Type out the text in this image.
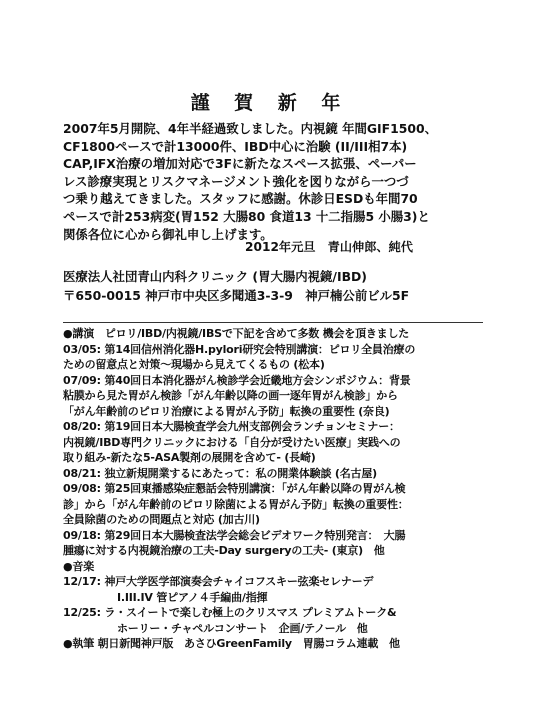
謹 賀 新 年

2007年5月開院、4年半経過致しました。内視鏡 年間GIF1500、

CF1800ペースで計13000件、IBD中心に治験 (II/III相7本)

CAP,IFX治療の増加対応で3Fに新たなスペース拡張、ペーパー

レス診療実現とリスクマネージメント強化を図りながら一つづ

つ乗り越えてきました。スタッフに感謝。休診日ESDも年間70

ペースで計253病変(胃152 大腸80 食道13 十二指腸5 小腸3)と

関係各位に心から御礼申し上げます。

2012年元旦　青山伸郎、純代
医療法人社団青山内科クリニック (胃大腸内視鏡/IBD)
〒650-0015 神戸市中央区多聞通3-3-9　神戸楠公前ビル5F
●講演　ピロリ/IBD/内視鏡/IBSで下記を含めて多数 機会を頂きました
03/05: 第14回信州消化器H.pylori研究会特別講演：ピロリ全員治療の
ための留意点と対策～現場から見えてくるもの (松本)
07/09: 第40回日本消化器がん検診学会近畿地方会シンポジウム：背景
粘膜から見た胃がん検診「がん年齢以降の画一逐年胃がん検診」から
「がん年齢前のピロリ治療による胃がん予防」転換の重要性 (奈良)
08/20: 第19回日本大腸検査学会九州支部例会ランチョンセミナー：
内視鏡/IBD専門クリニックにおける「自分が受けたい医療」実践への
取り組み-新たな5-ASA製剤の展開を含めて- (長崎)
08/21: 独立新規開業するにあたって：私の開業体験談 (名古屋)
09/08: 第25回東播感染症懇話会特別講演：「がん年齢以降の胃がん検
診」から「がん年齢前のピロリ除菌による胃がん予防」転換の重要性：
全員除菌のための問題点と対応 (加古川)
09/18: 第29回日本大腸検査法学会総会ビデオワーク特別発言：　大腸
腫瘍に対する内視鏡治療の工夫-Day surgeryの工夫- (東京)　他
●音楽
12/17: 神戸大学医学部演奏会チャイコフスキー弦楽セレナーデ
I.III.IV 管ピアノ４手編曲/指揮
12/25: ラ・スイートで楽しむ極上のクリスマス プレミアムトーク&
ホーリー・チャペルコンサート　企画/テノール　他
●執筆 朝日新聞神戸版　あさひGreenFamily　胃腸コラム連載　他
